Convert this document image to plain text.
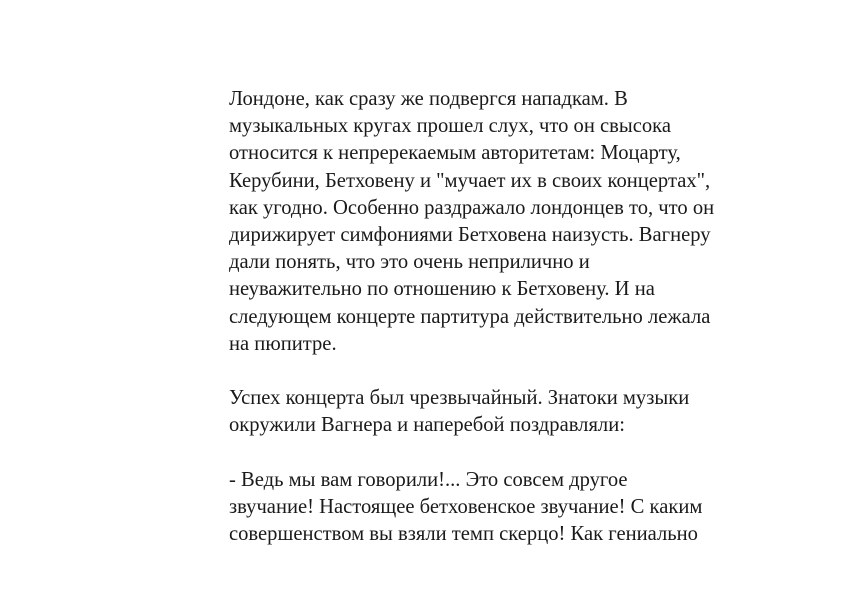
Лондоне, как сразу же подвергся нападкам. В
музыкальных кругах прошел слух, что он свысока
относится к непререкаемым авторитетам: Моцарту,
Керубини, Бетховену и "мучает их в своих концертах",
как угодно. Особенно раздражало лондонцев то, что он
дирижирует симфониями Бетховена наизусть. Вагнеру
дали понять, что это очень неприлично и
неуважительно по отношению к Бетховену. И на
следующем концерте партитура действительно лежала
на пюпитре.

Успех концерта был чрезвычайный. Знатоки музыки
окружили Вагнера и наперебой поздравляли:

- Ведь мы вам говорили!... Это совсем другое
звучание! Настоящее бетховенское звучание! С каким
совершенством вы взяли темп скерцо! Как гениально
